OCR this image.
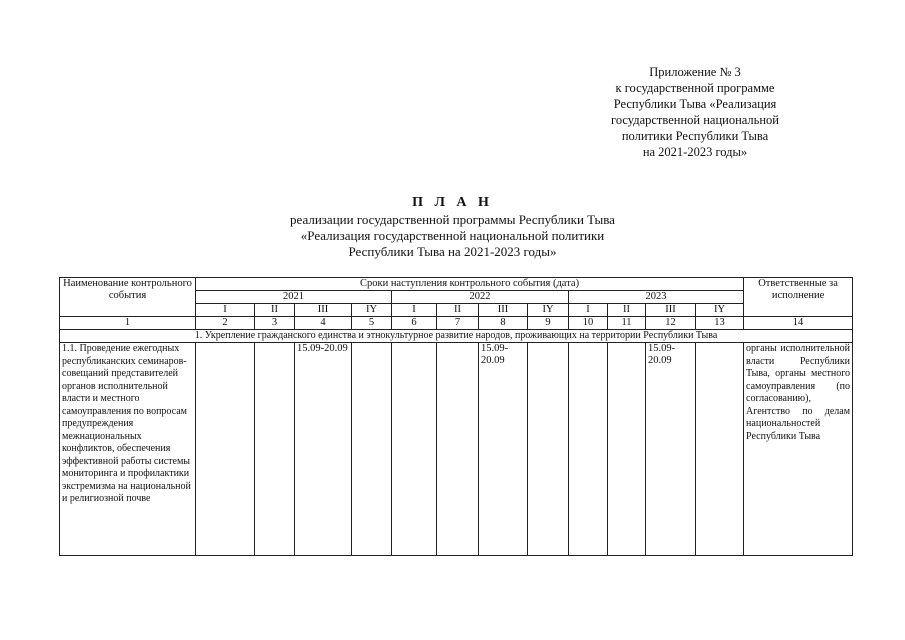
Приложение № 3
к государственной программе
Республики Тыва «Реализация
государственной национальной
политики Республики Тыва
на 2021-2023 годы»
П Л А Н
реализации государственной программы Республики Тыва
«Реализация государственной национальной политики
Республики Тыва на 2021-2023 годы»
Наименование контрольного события	Сроки наступления контрольного события (дата)												Ответственные за исполнение
	2021				2022				2023				
	I	II	III	IY	I	II	III	IY	I	II	III	IY	
1	2	3	4	5	6	7	8	9	10	11	12	13	14
1. Укрепление гражданского единства и этнокультурное развитие народов, проживающих на территории Республики Тыва													
1.1. Проведение ежегодных республиканских семинаров-совещаний представителей органов исполнительной власти и местного самоуправления по вопросам предупреждения межнациональных конфликтов, обеспечения эффективной работы системы мониторинга и профилактики экстремизма на национальной и религиозной почве			15.09-20.09				15.09-20.09				15.09-20.09		органы исполнительной власти Республики Тыва, органы местного самоуправления (по согласованию), Агентство по делам национальностей Республики Тыва
